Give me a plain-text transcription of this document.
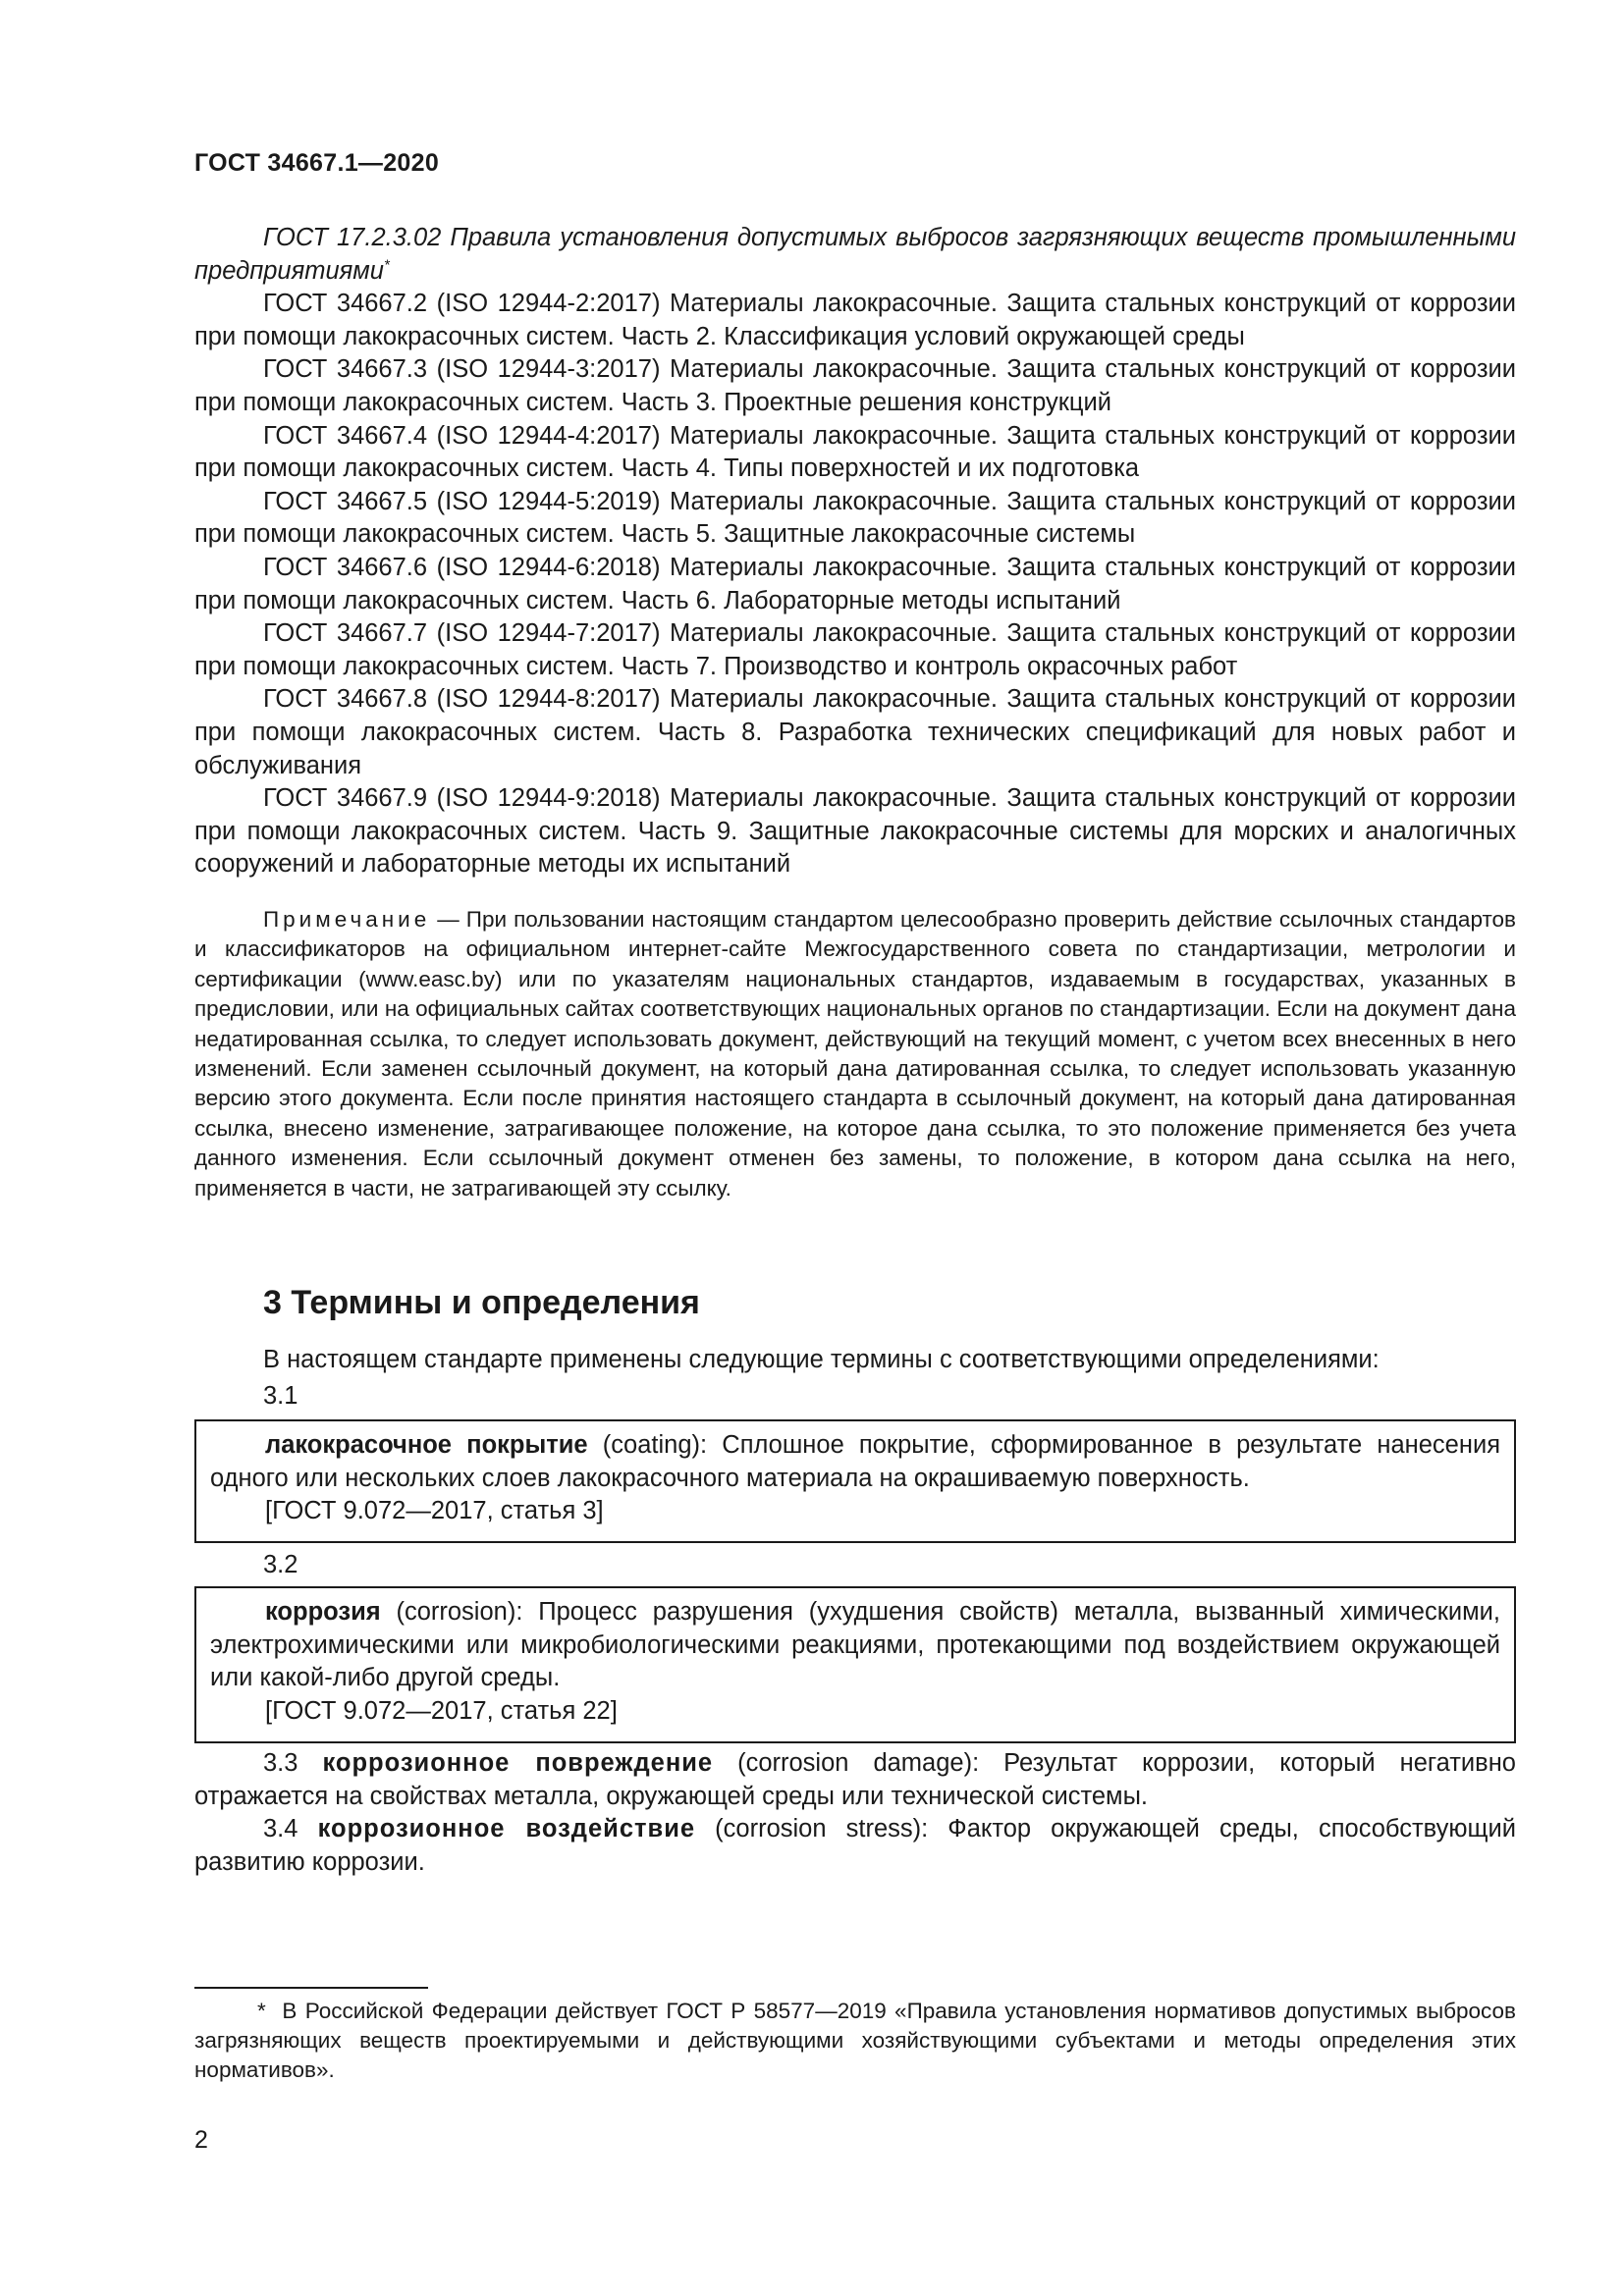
ГОСТ 34667.1—2020

ГОСТ 17.2.3.02 Правила установления допустимых выбросов загрязняющих веществ промышленными предприятиями*

ГОСТ 34667.2 (ISO 12944-2:2017) Материалы лакокрасочные. Защита стальных конструкций от коррозии при помощи лакокрасочных систем. Часть 2. Классификация условий окружающей среды

ГОСТ 34667.3 (ISO 12944-3:2017) Материалы лакокрасочные. Защита стальных конструкций от коррозии при помощи лакокрасочных систем. Часть 3. Проектные решения конструкций

ГОСТ 34667.4 (ISO 12944-4:2017) Материалы лакокрасочные. Защита стальных конструкций от коррозии при помощи лакокрасочных систем. Часть 4. Типы поверхностей и их подготовка

ГОСТ 34667.5 (ISO 12944-5:2019) Материалы лакокрасочные. Защита стальных конструкций от коррозии при помощи лакокрасочных систем. Часть 5. Защитные лакокрасочные системы

ГОСТ 34667.6 (ISO 12944-6:2018) Материалы лакокрасочные. Защита стальных конструкций от коррозии при помощи лакокрасочных систем. Часть 6. Лабораторные методы испытаний

ГОСТ 34667.7 (ISO 12944-7:2017) Материалы лакокрасочные. Защита стальных конструкций от коррозии при помощи лакокрасочных систем. Часть 7. Производство и контроль окрасочных работ

ГОСТ 34667.8 (ISO 12944-8:2017) Материалы лакокрасочные. Защита стальных конструкций от коррозии при помощи лакокрасочных систем. Часть 8. Разработка технических спецификаций для новых работ и обслуживания

ГОСТ 34667.9 (ISO 12944-9:2018) Материалы лакокрасочные. Защита стальных конструкций от коррозии при помощи лакокрасочных систем. Часть 9. Защитные лакокрасочные системы для морских и аналогичных сооружений и лабораторные методы их испытаний

Примечание — При пользовании настоящим стандартом целесообразно проверить действие ссылочных стандартов и классификаторов на официальном интернет-сайте Межгосударственного совета по стандартизации, метрологии и сертификации (www.easc.by) или по указателям национальных стандартов, издаваемым в государствах, указанных в предисловии, или на официальных сайтах соответствующих национальных органов по стандартизации. Если на документ дана недатированная ссылка, то следует использовать документ, действующий на текущий момент, с учетом всех внесенных в него изменений. Если заменен ссылочный документ, на который дана датированная ссылка, то следует использовать указанную версию этого документа. Если после принятия настоящего стандарта в ссылочный документ, на который дана датированная ссылка, внесено изменение, затрагивающее положение, на которое дана ссылка, то это положение применяется без учета данного изменения. Если ссылочный документ отменен без замены, то положение, в котором дана ссылка на него, применяется в части, не затрагивающей эту ссылку.

3 Термины и определения
В настоящем стандарте применены следующие термины с соответствующими определениями:
3.1

лакокрасочное покрытие (coating): Сплошное покрытие, сформированное в результате нанесения одного или нескольких слоев лакокрасочного материала на окрашиваемую поверхность.

[ГОСТ 9.072—2017, статья 3]

3.2

коррозия (corrosion): Процесс разрушения (ухудшения свойств) металла, вызванный химическими, электрохимическими или микробиологическими реакциями, протекающими под воздействием окружающей или какой-либо другой среды.

[ГОСТ 9.072—2017, статья 22]

3.3 коррозионное повреждение (corrosion damage): Результат коррозии, который негативно отражается на свойствах металла, окружающей среды или технической системы.

3.4 коррозионное воздействие (corrosion stress): Фактор окружающей среды, способствующий развитию коррозии.

* В Российской Федерации действует ГОСТ Р 58577—2019 «Правила установления нормативов допустимых выбросов загрязняющих веществ проектируемыми и действующими хозяйствующими субъектами и методы определения этих нормативов».

2
